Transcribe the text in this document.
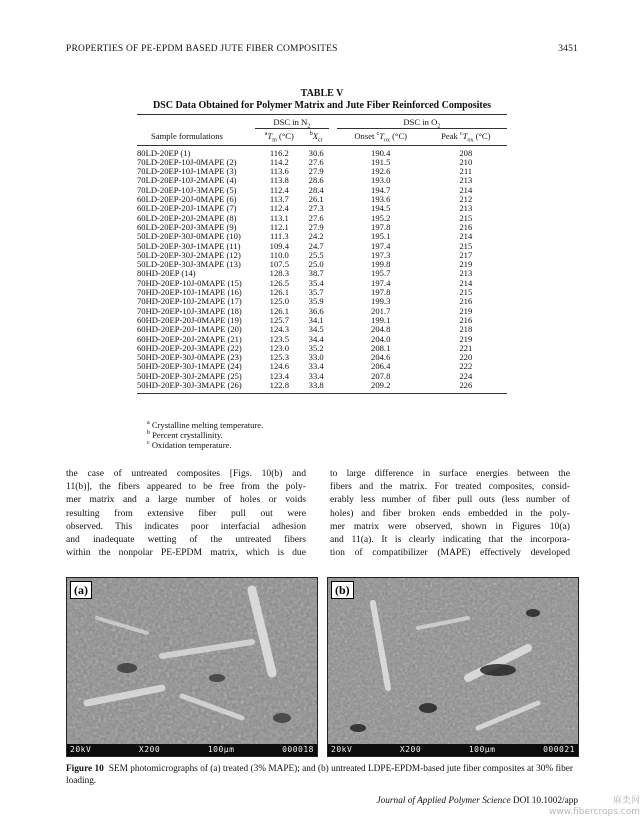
PROPERTIES OF PE-EPDM BASED JUTE FIBER COMPOSITES	3451
TABLE V
DSC Data Obtained for Polymer Matrix and Jute Fiber Reinforced Composites
	DSC in $N_2$			DSC in $O_2$
Sample formulations	$^aT_m$ (°C)	$^bX_{cr}$		Onset $^cT_{ox}$ (°C)	Peak $^cT_{ox}$ (°C)
80LD-20EP (1)	116.2	30.6		190.4	208
70LD-20EP-10J-0MAPE (2)	114.2	27.6		191.5	210
70LD-20EP-10J-1MAPE (3)	113.6	27.9		192.6	211
70LD-20EP-10J-2MAPE (4)	113.8	28.6		193.0	213
70LD-20EP-10J-3MAPE (5)	112.4	28.4		194.7	214
60LD-20EP-20J-0MAPE (6)	113.7	26.1		193.6	212
60LD-20EP-20J-1MAPE (7)	112.4	27.3		194.5	213
60LD-20EP-20J-2MAPE (8)	113.1	27.6		195.2	215
60LD-20EP-20J-3MAPE (9)	112.1	27.9		197.8	216
50LD-20EP-30J-0MAPE (10)	111.3	24.2		195.1	214
50LD-20EP-30J-1MAPE (11)	109.4	24.7		197.4	215
50LD-20EP-30J-2MAPE (12)	110.0	25.5		197.3	217
50LD-20EP-30J-3MAPE (13)	107.5	25.0		199.8	219
80HD-20EP (14)	128.3	38.7		195.7	213
70HD-20EP-10J-0MAPE (15)	126.5	35.4		197.4	214
70HD-20EP-10J-1MAPE (16)	126.1	35.7		197.8	215
70HD-20EP-10J-2MAPE (17)	125.0	35.9		199.3	216
70HD-20EP-10J-3MAPE (18)	126.1	36.6		201.7	219
60HD-20EP-20J-0MAPE (19)	125.7	34.1		199.1	216
60HD-20EP-20J-1MAPE (20)	124.3	34.5		204.8	218
60HD-20EP-20J-2MAPE (21)	123.5	34.4		204.0	219
60HD-20EP-20J-3MAPE (22)	123.0	35.2		208.1	221
50HD-20EP-30J-0MAPE (23)	125.3	33.0		204.6	220
50HD-20EP-30J-1MAPE (24)	124.6	33.4		206.4	222
50HD-20EP-30J-2MAPE (25)	123.4	33.4		207.8	224
50HD-20EP-30J-3MAPE (26)	122.8	33.8		209.2	226
$^a$ Crystalline melting temperature.
$^b$ Percent crystallinity.
$^c$ Oxidation temperature.
the case of untreated composites [Figs. 10(b) and
11(b)], the fibers appeared to be free from the poly-
mer matrix and a large number of holes or voids
resulting from extensive fiber pull out were
observed. This indicates poor interfacial adhesion
and inadequate wetting of the untreated fibers
within the nonpolar PE-EPDM matrix, which is due
to large difference in surface energies between the
fibers and the matrix. For treated composites, consid-
erably less number of fiber pull outs (less number of
holes) and fiber broken ends embedded in the poly-
mer matrix were observed, shown in Figures 10(a)
and 11(a). It is clearly indicating that the incorpora-
tion of compatibilizer (MAPE) effectively developed
(a)
20kV	X200	100μm	000018
(b)
20kV	X200	100μm	000021
Figure 10 SEM photomicrographs of (a) treated (3% MAPE); and (b) untreated LDPE-EPDM-based jute fiber composites at 30% fiber loading.
Journal of Applied Polymer Science DOI 10.1002/app	麻类网
www.fibercrops.com
